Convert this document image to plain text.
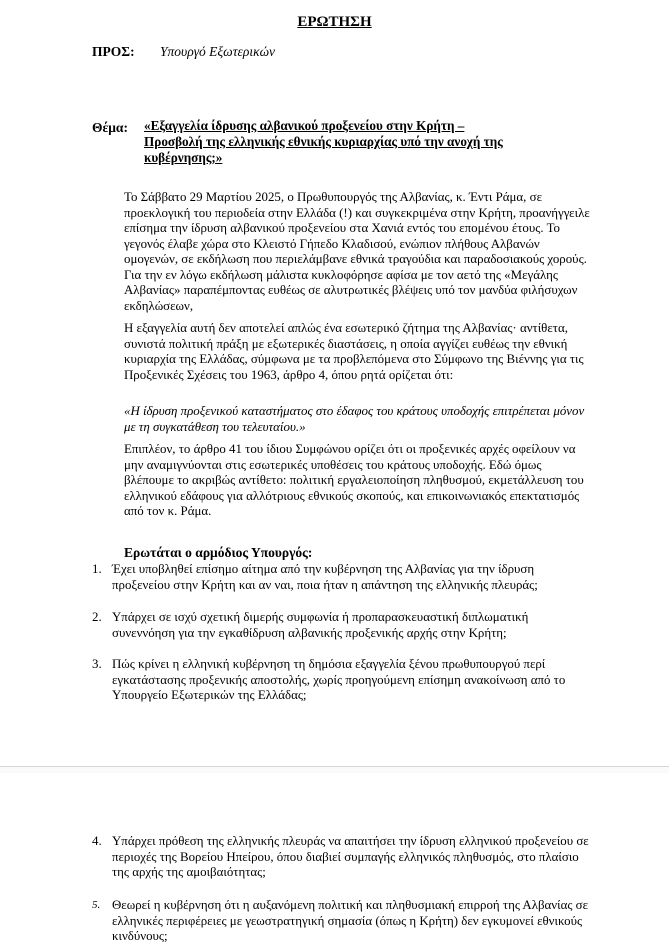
ΕΡΩΤΗΣΗ
ΠΡΟΣ: Υπουργό Εξωτερικών
Θέμα: «Εξαγγελία ίδρυσης αλβανικού προξενείου στην Κρήτη – Προσβολή της ελληνικής εθνικής κυριαρχίας υπό την ανοχή της κυβέρνησης;»

Το Σάββατο 29 Μαρτίου 2025, ο Πρωθυπουργός της Αλβανίας, κ. Έντι Ράμα, σε προεκλογική του περιοδεία στην Ελλάδα (!) και συγκεκριμένα στην Κρήτη, προανήγγειλε επίσημα την ίδρυση αλβανικού προξενείου στα Χανιά εντός του επομένου έτους. Το γεγονός έλαβε χώρα στο Κλειστό Γήπεδο Κλαδισού, ενώπιον πλήθους Αλβανών ομογενών, σε εκδήλωση που περιελάμβανε εθνικά τραγούδια και παραδοσιακούς χορούς. Για την εν λόγω εκδήλωση μάλιστα κυκλοφόρησε αφίσα με τον αετό της «Μεγάλης Αλβανίας» παραπέμποντας ευθέως σε αλυτρωτικές βλέψεις υπό τον μανδύα φιλήσυχων εκδηλώσεων,

Η εξαγγελία αυτή δεν αποτελεί απλώς ένα εσωτερικό ζήτημα της Αλβανίας· αντίθετα, συνιστά πολιτική πράξη με εξωτερικές διαστάσεις, η οποία αγγίζει ευθέως την εθνική κυριαρχία της Ελλάδας, σύμφωνα με τα προβλεπόμενα στο Σύμφωνο της Βιέννης για τις Προξενικές Σχέσεις του 1963, άρθρο 4, όπου ρητά ορίζεται ότι:

«Η ίδρυση προξενικού καταστήματος στο έδαφος του κράτους υποδοχής επιτρέπεται μόνον με τη συγκατάθεση του τελευταίου.»

Επιπλέον, το άρθρο 41 του ίδιου Συμφώνου ορίζει ότι οι προξενικές αρχές οφείλουν να μην αναμιγνύονται στις εσωτερικές υποθέσεις του κράτους υποδοχής. Εδώ όμως βλέπουμε το ακριβώς αντίθετο: πολιτική εργαλειοποίηση πληθυσμού, εκμετάλλευση του ελληνικού εδάφους για αλλότριους εθνικούς σκοπούς, και επικοινωνιακός επεκτατισμός από τον κ. Ράμα.

Ερωτάται ο αρμόδιος Υπουργός:
1. Έχει υποβληθεί επίσημο αίτημα από την κυβέρνηση της Αλβανίας για την ίδρυση προξενείου στην Κρήτη και αν ναι, ποια ήταν η απάντηση της ελληνικής πλευράς;
2. Υπάρχει σε ισχύ σχετική διμερής συμφωνία ή προπαρασκευαστική διπλωματική συνεννόηση για την εγκαθίδρυση αλβανικής προξενικής αρχής στην Κρήτη;
3. Πώς κρίνει η ελληνική κυβέρνηση τη δημόσια εξαγγελία ξένου πρωθυπουργού περί εγκατάστασης προξενικής αποστολής, χωρίς προηγούμενη επίσημη ανακοίνωση από το Υπουργείο Εξωτερικών της Ελλάδας;
4. Υπάρχει πρόθεση της ελληνικής πλευράς να απαιτήσει την ίδρυση ελληνικού προξενείου σε περιοχές της Βορείου Ηπείρου, όπου διαβιεί συμπαγής ελληνικός πληθυσμός, στο πλαίσιο της αρχής της αμοιβαιότητας;
5. Θεωρεί η κυβέρνηση ότι η αυξανόμενη πολιτική και πληθυσμιακή επιρροή της Αλβανίας σε ελληνικές περιφέρειες με γεωστρατηγική σημασία (όπως η Κρήτη) δεν εγκυμονεί εθνικούς κινδύνους;
